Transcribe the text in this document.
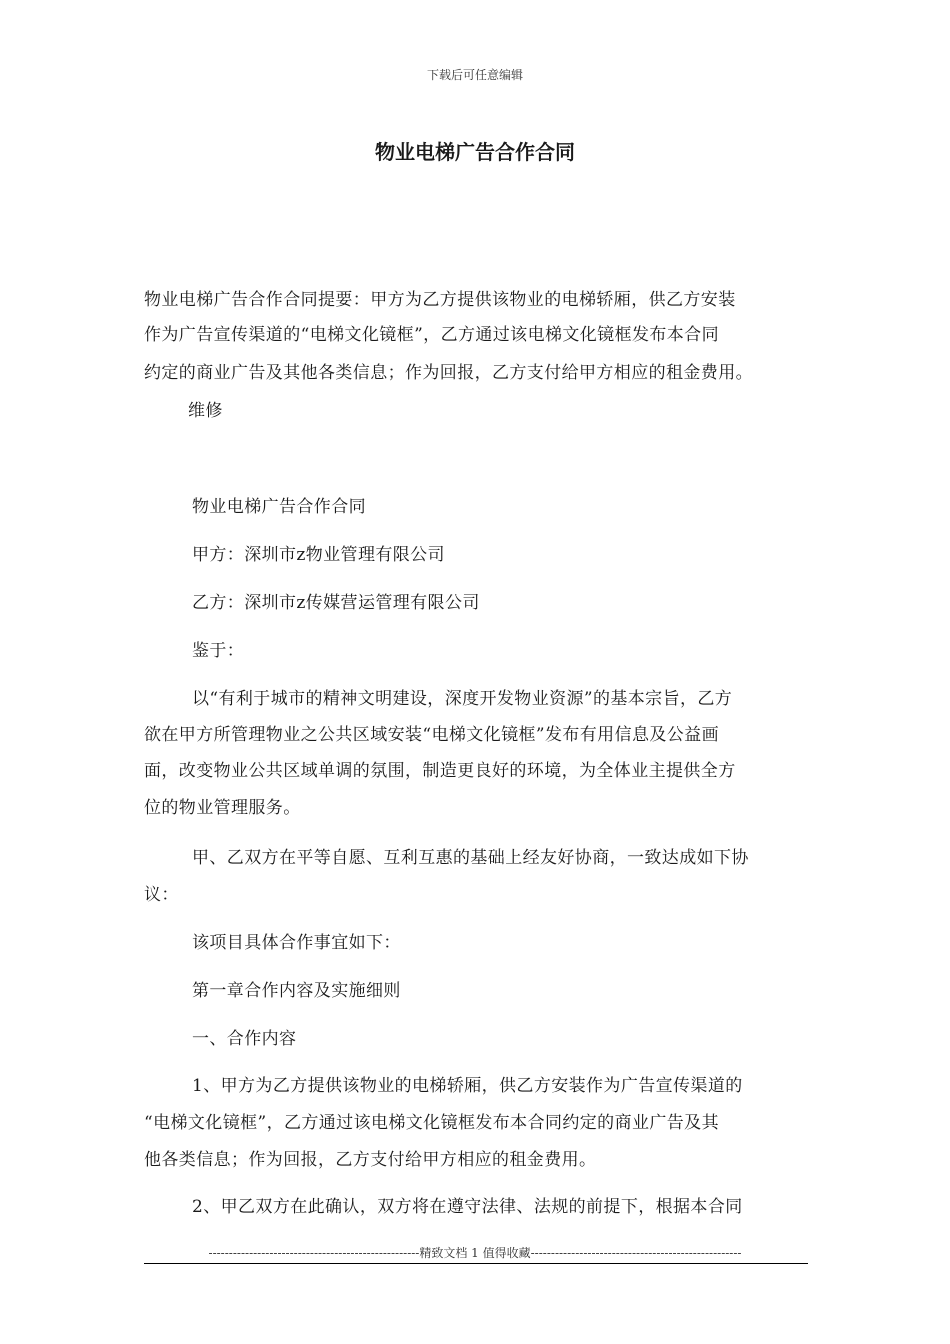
下载后可任意编辑
物业电梯广告合作合同
物业电梯广告合作合同提要：甲方为乙方提供该物业的电梯轿厢，供乙方安装
作为广告宣传渠道的“电梯文化镜框”，乙方通过该电梯文化镜框发布本合同
约定的商业广告及其他各类信息；作为回报，乙方支付给甲方相应的租金费用。
维修
物业电梯广告合作合同
甲方：深圳市z物业管理有限公司
乙方：深圳市z传媒营运管理有限公司
鉴于：
以“有利于城市的精神文明建设，深度开发物业资源”的基本宗旨，乙方
欲在甲方所管理物业之公共区域安装“电梯文化镜框”发布有用信息及公益画
面，改变物业公共区域单调的氛围，制造更良好的环境，为全体业主提供全方
位的物业管理服务。
甲、乙双方在平等自愿、互利互惠的基础上经友好协商，一致达成如下协
议：
该项目具体合作事宜如下：
第一章合作内容及实施细则
一、合作内容
1、甲方为乙方提供该物业的电梯轿厢，供乙方安装作为广告宣传渠道的
“电梯文化镜框”，乙方通过该电梯文化镜框发布本合同约定的商业广告及其
他各类信息；作为回报，乙方支付给甲方相应的租金费用。
2、甲乙双方在此确认，双方将在遵守法律、法规的前提下，根据本合同
----------------------------------------------------精致文档 1 值得收藏----------------------------------------------------
